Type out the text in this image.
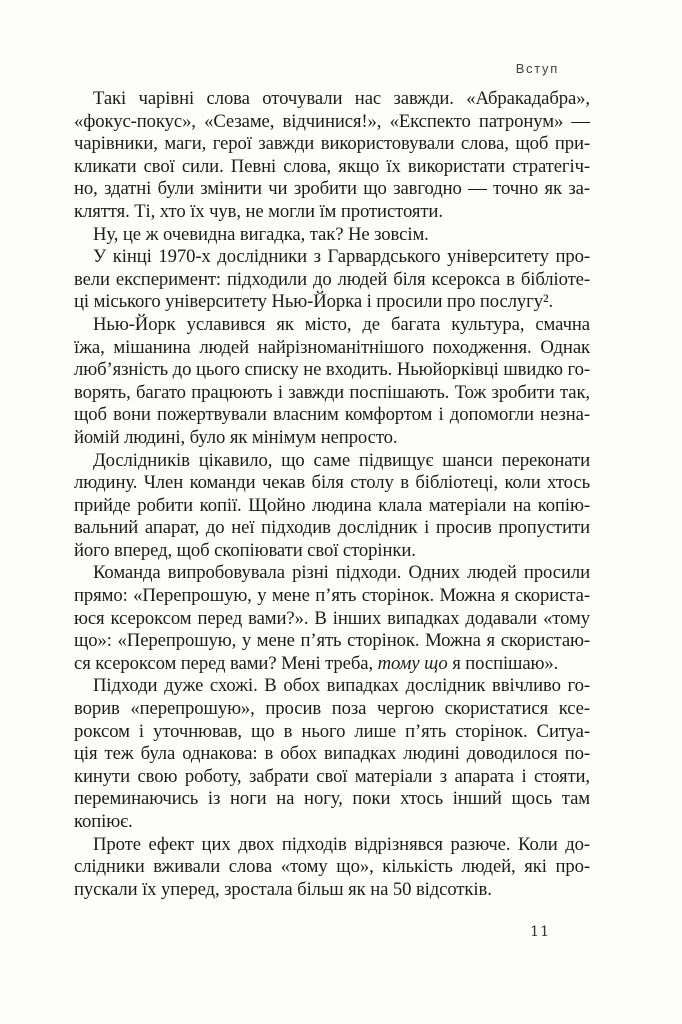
Вступ
Такі чарівні слова оточували нас завжди. «Абракадабра»,
«фокус-покус», «Сезаме, відчинися!», «Експекто патронум» —
чарівники, маги, герої завжди використовували слова, щоб при-
кликати свої сили. Певні слова, якщо їх використати стратегіч-
но, здатні були змінити чи зробити що завгодно — точно як за-
кляття. Ті, хто їх чув, не могли їм протистояти.
Ну, це ж очевидна вигадка, так? Не зовсім.
У кінці 1970-х дослідники з Гарвардського університету про-
вели експеримент: підходили до людей біля ксерокса в бібліоте-
ці міського університету Нью-Йорка і просили про послугу².
Нью-Йорк уславився як місто, де багата культура, смачна
їжа, мішанина людей найрізноманітнішого походження. Однак
люб’язність до цього списку не входить. Ньюйорківці швидко го-
ворять, багато працюють і завжди поспішають. Тож зробити так,
щоб вони пожертвували власним комфортом і допомогли незна-
йомій людині, було як мінімум непросто.
Дослідників цікавило, що саме підвищує шанси переконати
людину. Член команди чекав біля столу в бібліотеці, коли хтось
прийде робити копії. Щойно людина клала матеріали на копію-
вальний апарат, до неї підходив дослідник і просив пропустити
його вперед, щоб скопіювати свої сторінки.
Команда випробовувала різні підходи. Одних людей просили
прямо: «Перепрошую, у мене п’ять сторінок. Можна я скориста-
юся ксероксом перед вами?». В інших випадках додавали «тому
що»: «Перепрошую, у мене п’ять сторінок. Можна я скористаю-
ся ксероксом перед вами? Мені треба, тому що я поспішаю».
Підходи дуже схожі. В обох випадках дослідник ввічливо го-
ворив «перепрошую», просив поза чергою скористатися ксе-
роксом і уточнював, що в нього лише п’ять сторінок. Ситуа-
ція теж була однакова: в обох випадках людині доводилося по-
кинути свою роботу, забрати свої матеріали з апарата і стояти,
переминаючись із ноги на ногу, поки хтось інший щось там
копіює.
Проте ефект цих двох підходів відрізнявся разюче. Коли до-
слідники вживали слова «тому що», кількість людей, які про-
пускали їх уперед, зростала більш як на 50 відсотків.
11
